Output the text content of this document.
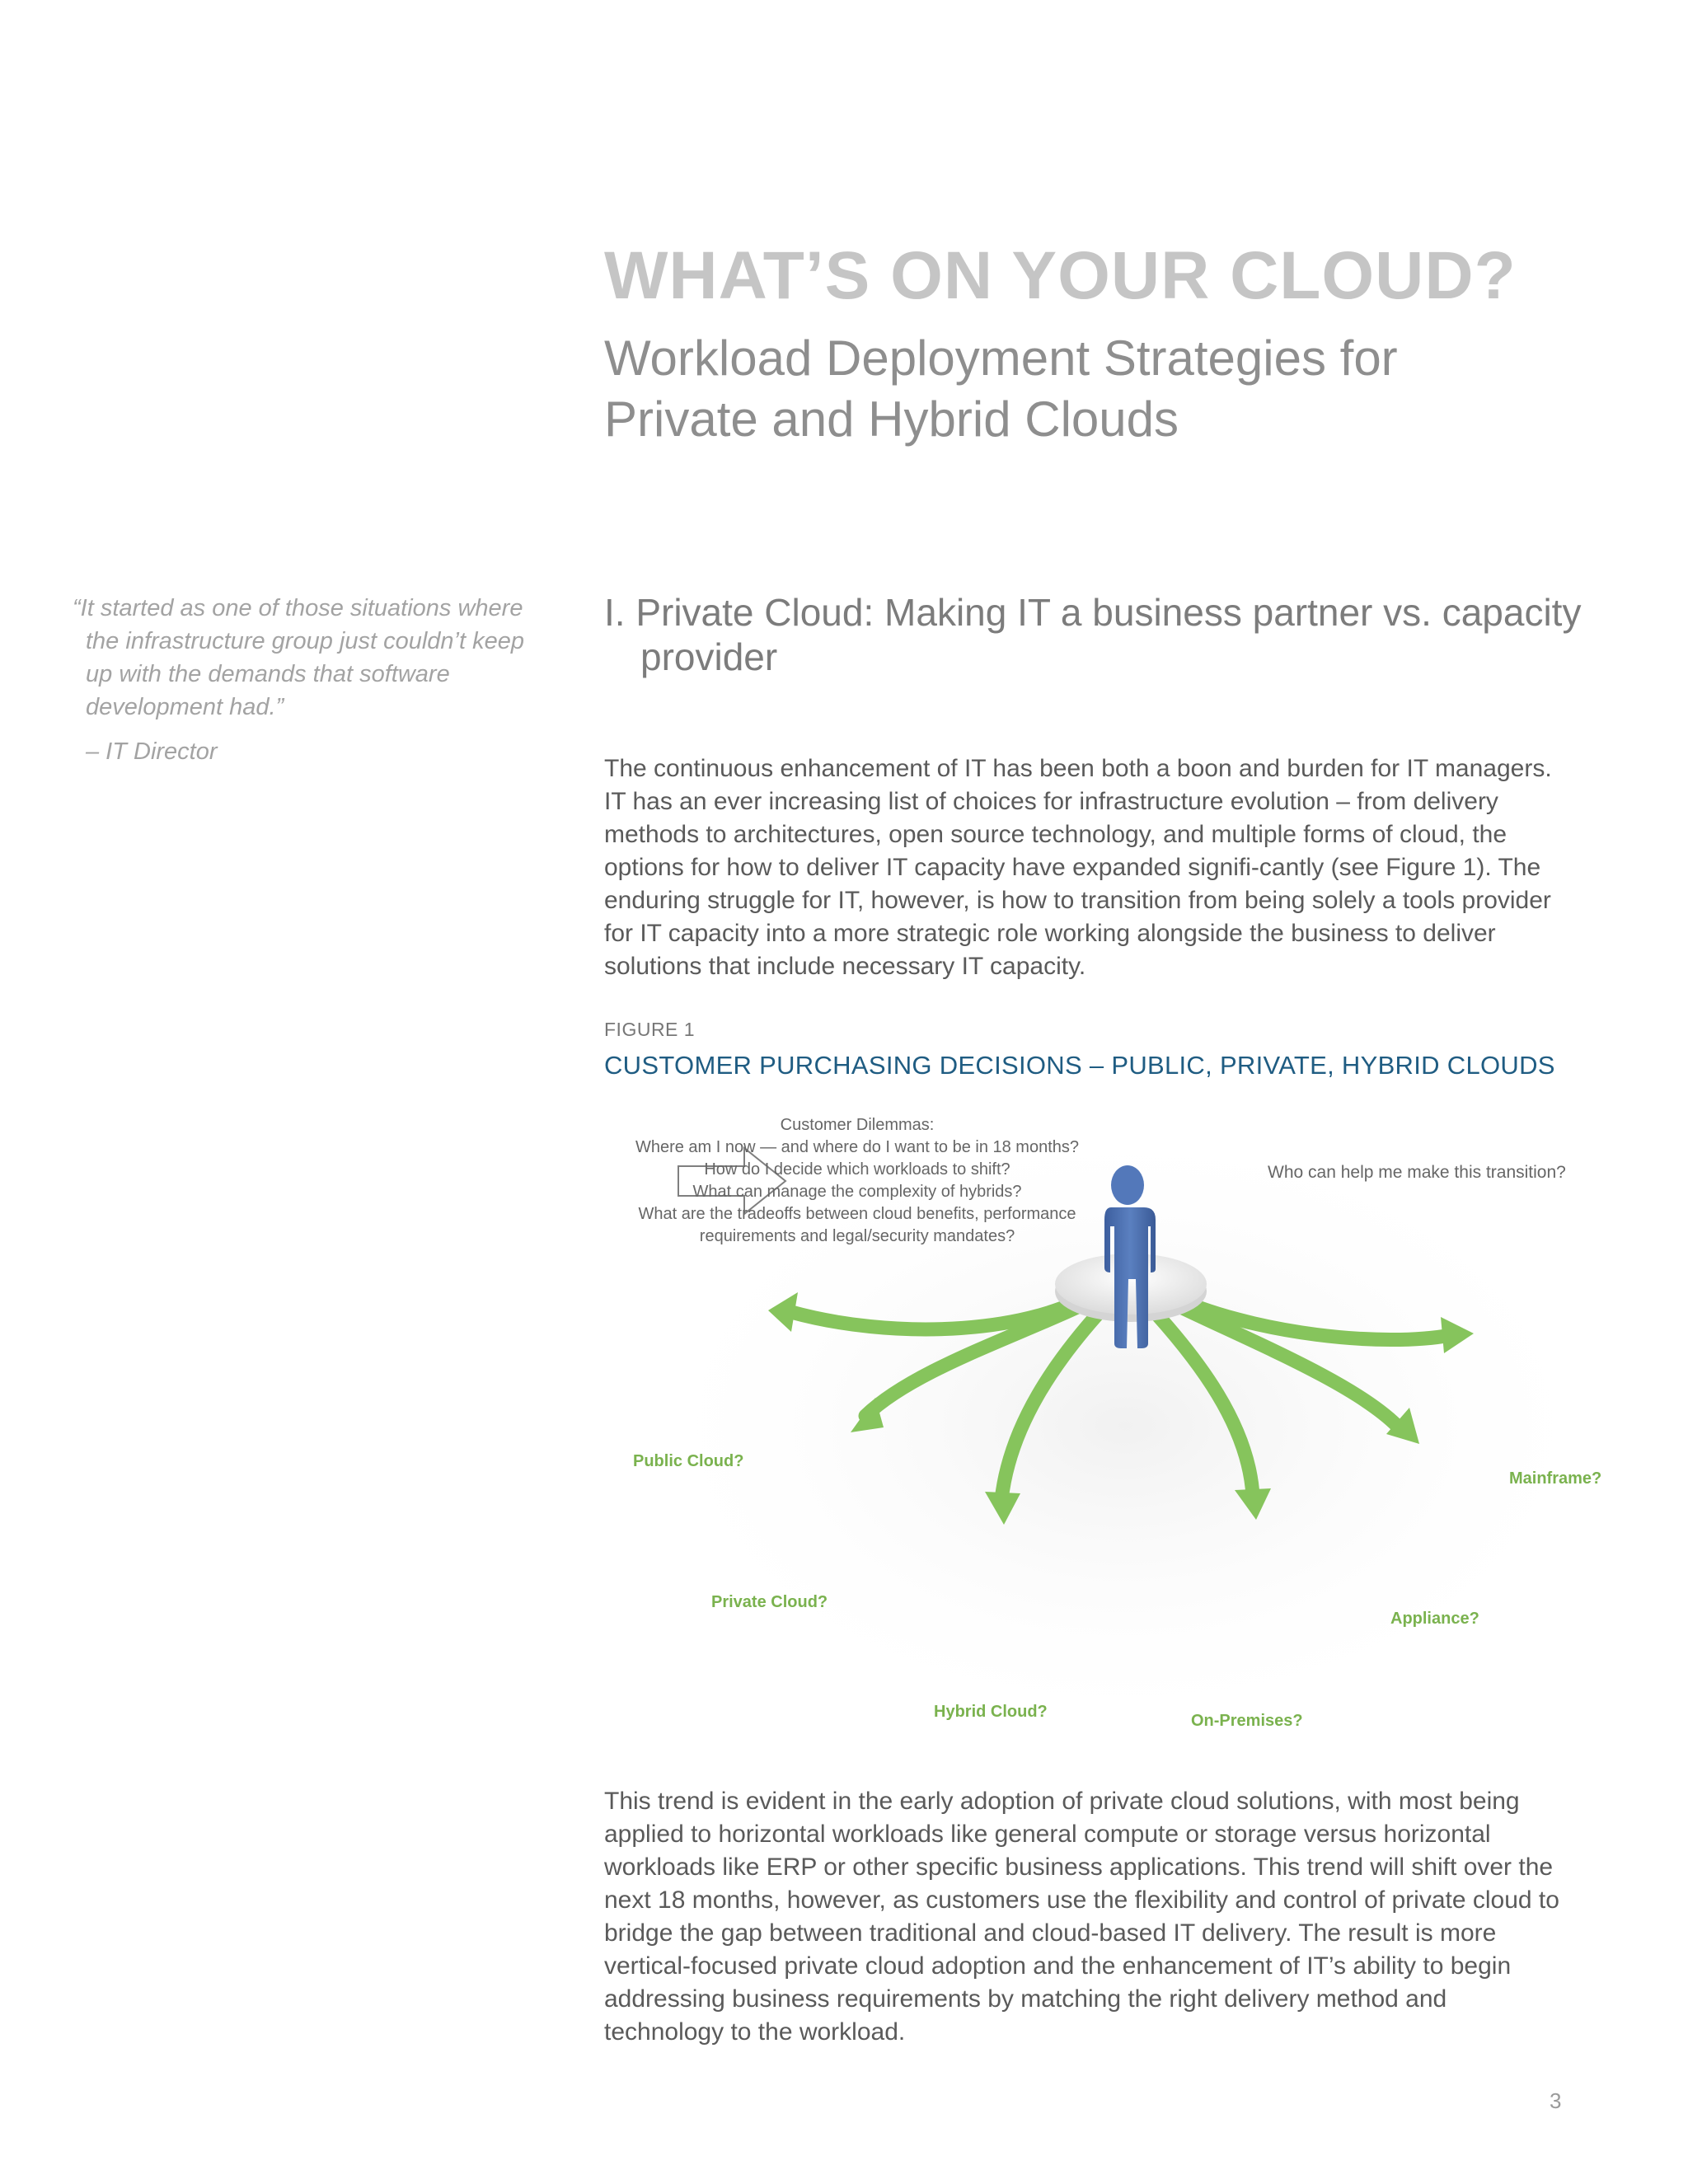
WHAT’S ON YOUR CLOUD?
Workload Deployment Strategies for
Private and Hybrid Clouds
“It started as one of those situations where the infrastructure group just couldn’t keep up with the demands that software development had.”
– IT Director
I. Private Cloud: Making IT a business partner vs. capacity provider

The continuous enhancement of IT has been both a boon and burden for IT managers. IT has an ever increasing list of choices for infrastructure evolution – from delivery methods to architectures, open source technology, and multiple forms of cloud, the options for how to deliver IT capacity have expanded signifi-cantly (see Figure 1). The enduring struggle for IT, however, is how to transition from being solely a tools provider for IT capacity into a more strategic role working alongside the business to deliver solutions that include necessary IT capacity.

FIGURE 1
CUSTOMER PURCHASING DECISIONS – PUBLIC, PRIVATE, HYBRID CLOUDS
Customer Dilemmas:
Where am I now — and where do I want to be in 18 months?
How do I decide which workloads to shift?
What can manage the complexity of hybrids?
What are the tradeoffs between cloud benefits, performance
requirements and legal/security mandates?
Who can help me make this transition?
Public Cloud?
Private Cloud?
Hybrid Cloud?	On-Premises?
Appliance?
Mainframe?

This trend is evident in the early adoption of private cloud solutions, with most being applied to horizontal workloads like general compute or storage versus horizontal workloads like ERP or other specific business applications. This trend will shift over the next 18 months, however, as customers use the flexibility and control of private cloud to bridge the gap between traditional and cloud-based IT delivery. The result is more vertical-focused private cloud adoption and the enhancement of IT’s ability to begin addressing business requirements by matching the right delivery method and technology to the workload.

3
